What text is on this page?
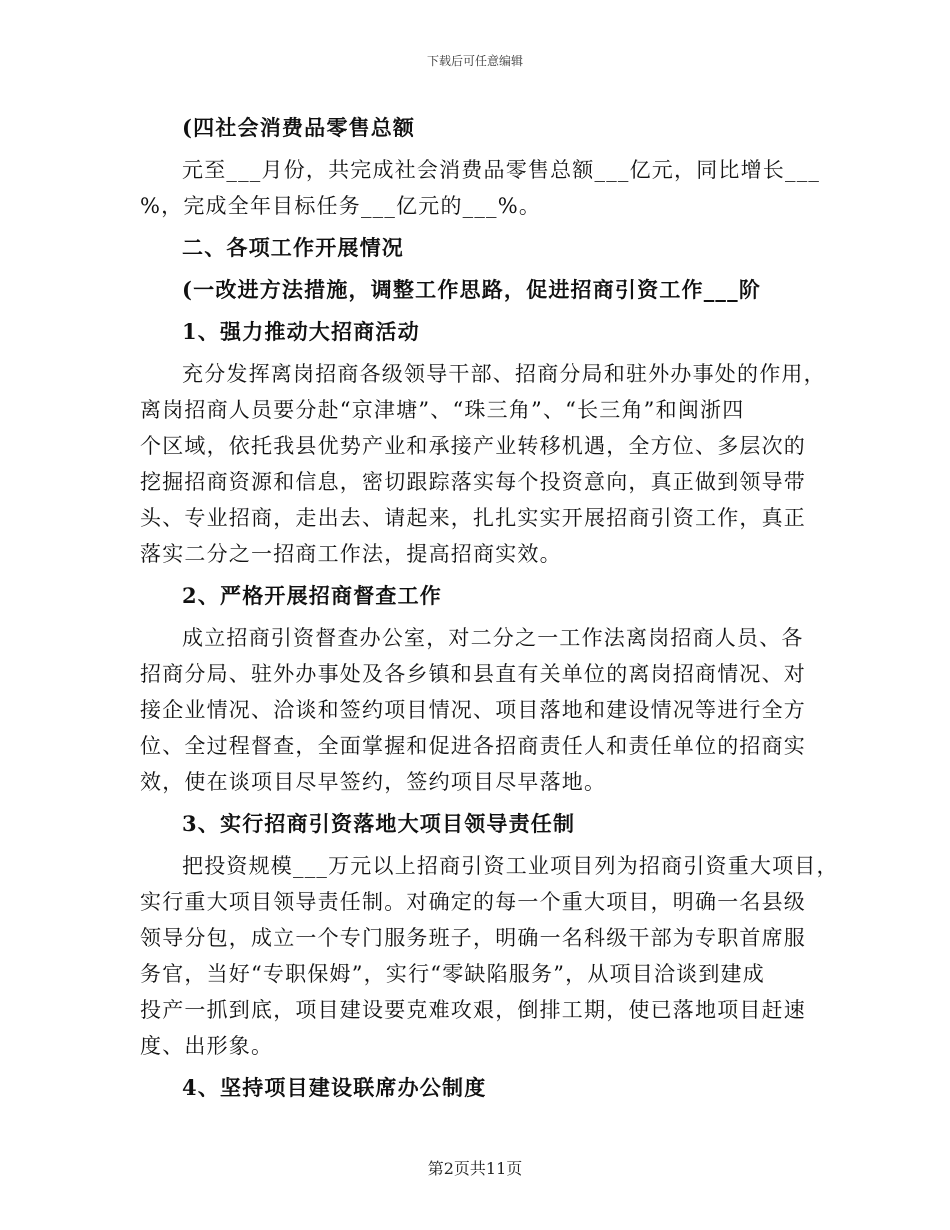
下载后可任意编辑
(四社会消费品零售总额
元至___月份，共完成社会消费品零售总额___亿元，同比增长___
%，完成全年目标任务___亿元的___%。
二、各项工作开展情况
(一改进方法措施，调整工作思路，促进招商引资工作___阶
1、强力推动大招商活动
充分发挥离岗招商各级领导干部、招商分局和驻外办事处的作用，
离岗招商人员要分赴“京津塘”、“珠三角”、“长三角”和闽浙四
个区域，依托我县优势产业和承接产业转移机遇，全方位、多层次的
挖掘招商资源和信息，密切跟踪落实每个投资意向，真正做到领导带
头、专业招商，走出去、请起来，扎扎实实开展招商引资工作，真正
落实二分之一招商工作法，提高招商实效。
2、严格开展招商督查工作
成立招商引资督查办公室，对二分之一工作法离岗招商人员、各
招商分局、驻外办事处及各乡镇和县直有关单位的离岗招商情况、对
接企业情况、洽谈和签约项目情况、项目落地和建设情况等进行全方
位、全过程督查，全面掌握和促进各招商责任人和责任单位的招商实
效，使在谈项目尽早签约，签约项目尽早落地。
3、实行招商引资落地大项目领导责任制
把投资规模___万元以上招商引资工业项目列为招商引资重大项目，
实行重大项目领导责任制。对确定的每一个重大项目，明确一名县级
领导分包，成立一个专门服务班子，明确一名科级干部为专职首席服
务官，当好“专职保姆”，实行“零缺陷服务”，从项目洽谈到建成
投产一抓到底，项目建设要克难攻艰，倒排工期，使已落地项目赶速
度、出形象。
4、坚持项目建设联席办公制度
第2页共11页
